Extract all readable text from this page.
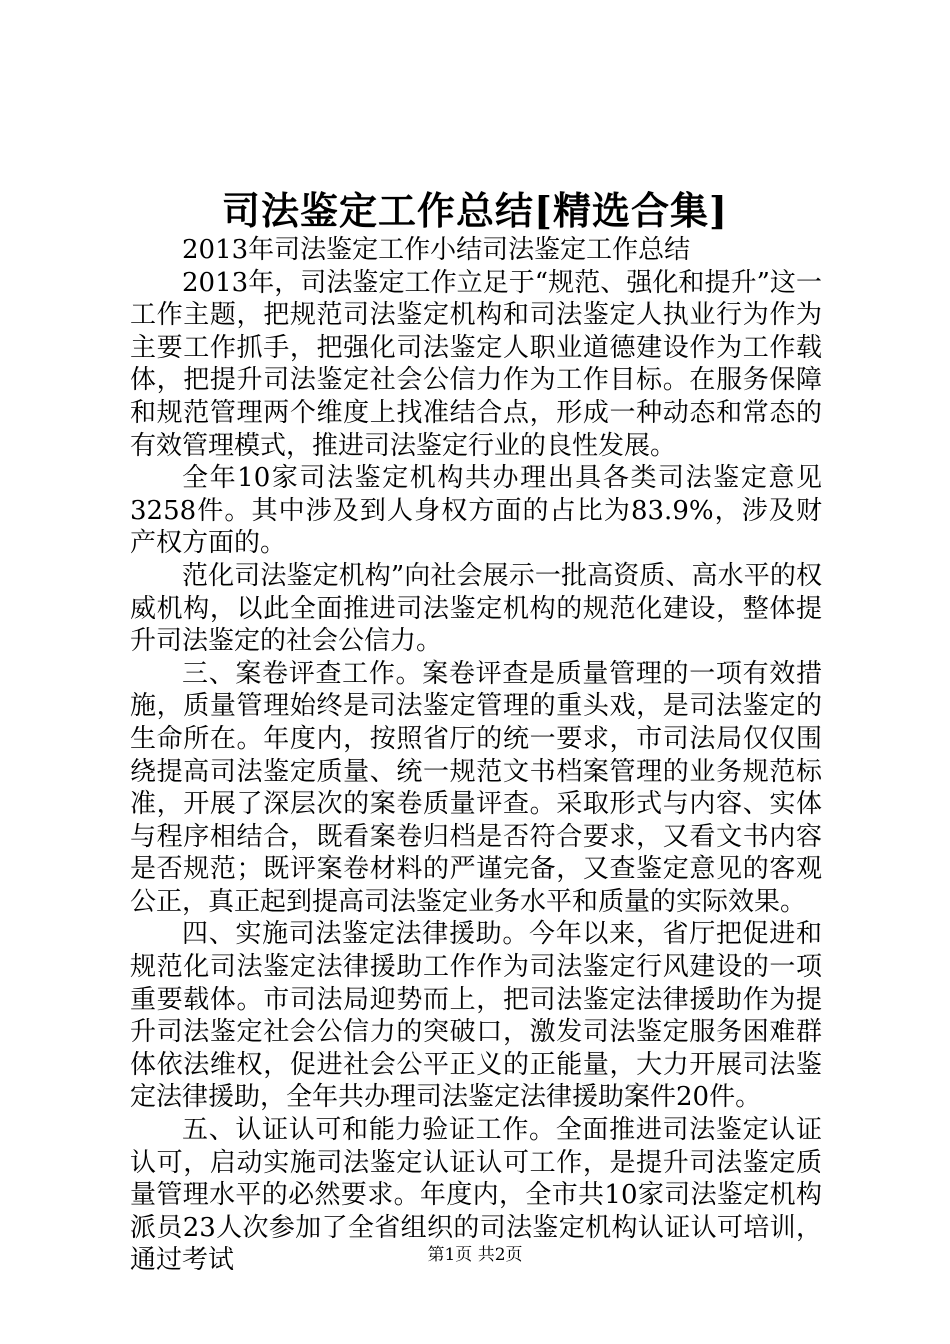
司法鉴定工作总结[精选合集]

2013年司法鉴定工作小结司法鉴定工作总结

2013年，司法鉴定工作立足于“规范、强化和提升”这一工作主题，把规范司法鉴定机构和司法鉴定人执业行为作为主要工作抓手，把强化司法鉴定人职业道德建设作为工作载体，把提升司法鉴定社会公信力作为工作目标。在服务保障和规范管理两个维度上找准结合点，形成一种动态和常态的有效管理模式，推进司法鉴定行业的良性发展。

全年10家司法鉴定机构共办理出具各类司法鉴定意见3258件。其中涉及到人身权方面的占比为83.9%，涉及财产权方面的。

范化司法鉴定机构”向社会展示一批高资质、高水平的权威机构，以此全面推进司法鉴定机构的规范化建设，整体提升司法鉴定的社会公信力。

三、案卷评查工作。案卷评查是质量管理的一项有效措施，质量管理始终是司法鉴定管理的重头戏，是司法鉴定的生命所在。年度内，按照省厅的统一要求，市司法局仅仅围绕提高司法鉴定质量、统一规范文书档案管理的业务规范标准，开展了深层次的案卷质量评查。采取形式与内容、实体与程序相结合，既看案卷归档是否符合要求，又看文书内容是否规范；既评案卷材料的严谨完备，又查鉴定意见的客观公正，真正起到提高司法鉴定业务水平和质量的实际效果。

四、实施司法鉴定法律援助。今年以来，省厅把促进和规范化司法鉴定法律援助工作作为司法鉴定行风建设的一项重要载体。市司法局迎势而上，把司法鉴定法律援助作为提升司法鉴定社会公信力的突破口，激发司法鉴定服务困难群体依法维权，促进社会公平正义的正能量，大力开展司法鉴定法律援助，全年共办理司法鉴定法律援助案件20件。

五、认证认可和能力验证工作。全面推进司法鉴定认证认可，启动实施司法鉴定认证认可工作，是提升司法鉴定质量管理水平的必然要求。年度内，全市共10家司法鉴定机构派员23人次参加了全省组织的司法鉴定机构认证认可培训，通过考试	第1页 共2页
